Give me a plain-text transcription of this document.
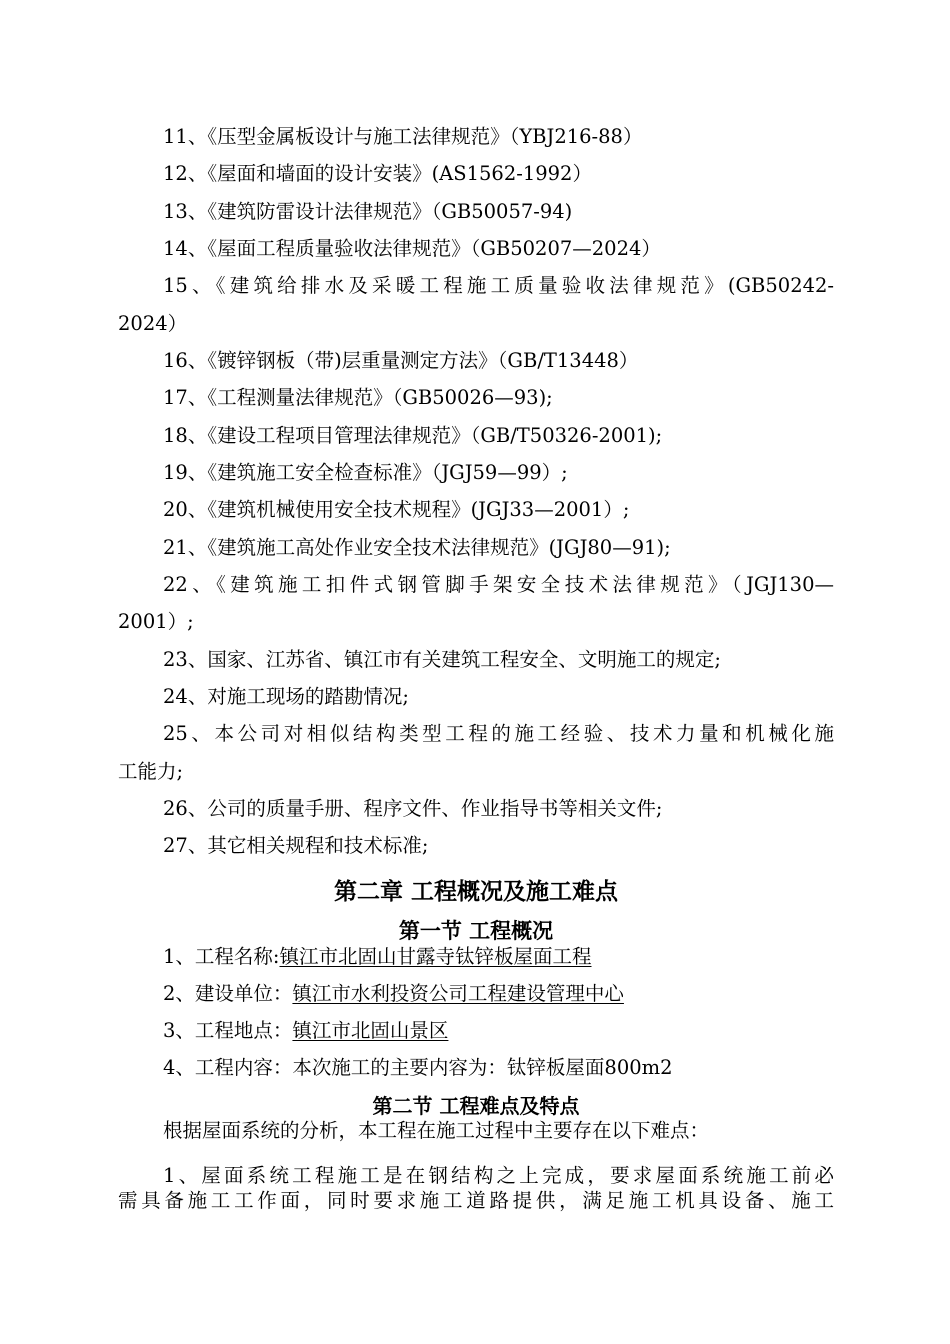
11、《压型金属板设计与施工法律规范》（YBJ216-88）
12、《屋面和墙面的设计安装》(AS1562-1992）
13、《建筑防雷设计法律规范》（GB50057-94)
14、《屋面工程质量验收法律规范》（GB50207—2024）
15、《建筑给排水及采暖工程施工质量验收法律规范》(GB50242-
2024）
16、《镀锌钢板（带)层重量测定方法》（GB/T13448）
17、《工程测量法律规范》（GB50026—93);
18、《建设工程项目管理法律规范》（GB/T50326-2001);
19、《建筑施工安全检查标准》（JGJ59—99）;
20、《建筑机械使用安全技术规程》(JGJ33—2001）;
21、《建筑施工高处作业安全技术法律规范》(JGJ80—91);
22、《建筑施工扣件式钢管脚手架安全技术法律规范》（JGJ130—
2001）;
23、国家、江苏省、镇江市有关建筑工程安全、文明施工的规定;
24、对施工现场的踏勘情况;
25、本公司对相似结构类型工程的施工经验、技术力量和机械化施
工能力;
26、公司的质量手册、程序文件、作业指导书等相关文件;
27、其它相关规程和技术标准;
第二章 工程概况及施工难点
第一节 工程概况
1、工程名称:镇江市北固山甘露寺钛锌板屋面工程
2、建设单位：镇江市水利投资公司工程建设管理中心
3、工程地点：镇江市北固山景区
4、工程内容：本次施工的主要内容为：钛锌板屋面800m2
第二节 工程难点及特点
根据屋面系统的分析，本工程在施工过程中主要存在以下难点：
1、屋面系统工程施工是在钢结构之上完成，要求屋面系统施工前必
需具备施工工作面，同时要求施工道路提供，满足施工机具设备、施工
